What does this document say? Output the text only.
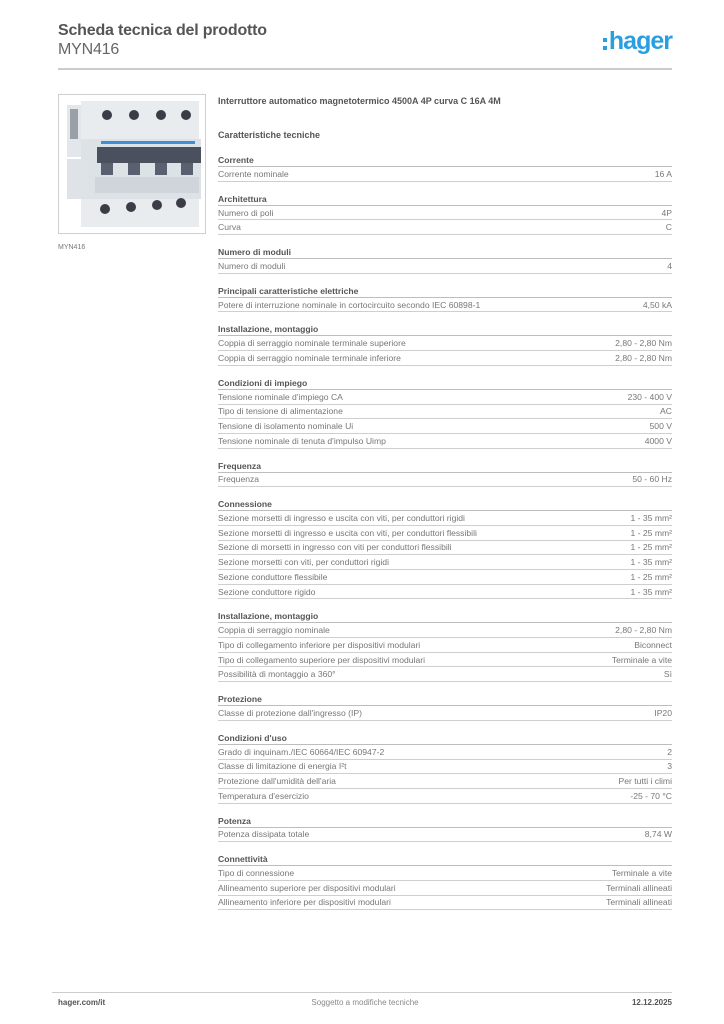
Scheda tecnica del prodotto
MYN416	hager
MYN416
Interruttore automatico magnetotermico 4500A 4P curva C 16A 4M
Caratteristiche tecniche
Corrente
Corrente nominale	16 A
Architettura
Numero di poli	4P
Curva	C
Numero di moduli
Numero di moduli	4
Principali caratteristiche elettriche
Potere di interruzione nominale in cortocircuito secondo IEC 60898-1	4,50 kA
Installazione, montaggio
Coppia di serraggio nominale terminale superiore	2,80 - 2,80 Nm
Coppia di serraggio nominale terminale inferiore	2,80 - 2,80 Nm
Condizioni di impiego
Tensione nominale d'impiego CA	230 - 400 V
Tipo di tensione di alimentazione	AC
Tensione di isolamento nominale Ui	500 V
Tensione nominale di tenuta d'impulso Uimp	4000 V
Frequenza
Frequenza	50 - 60 Hz
Connessione
Sezione morsetti di ingresso e uscita con viti, per conduttori rigidi	1 - 35 mm²
Sezione morsetti di ingresso e uscita con viti, per conduttori flessibili	1 - 25 mm²
Sezione di morsetti in ingresso con viti per conduttori flessibili	1 - 25 mm²
Sezione morsetti con viti, per conduttori rigidi	1 - 35 mm²
Sezione conduttore flessibile	1 - 25 mm²
Sezione conduttore rigido	1 - 35 mm²
Installazione, montaggio
Coppia di serraggio nominale	2,80 - 2,80 Nm
Tipo di collegamento inferiore per dispositivi modulari	Biconnect
Tipo di collegamento superiore per dispositivi modulari	Terminale a vite
Possibilità di montaggio a 360°	Sì
Protezione
Classe di protezione dall'ingresso (IP)	IP20
Condizioni d'uso
Grado di inquinam./IEC 60664/IEC 60947-2	2
Classe di limitazione di energia I²t	3
Protezione dall'umidità dell'aria	Per tutti i climi
Temperatura d'esercizio	-25 - 70 °C
Potenza
Potenza dissipata totale	8,74 W
Connettività
Tipo di connessione	Terminale a vite
Allineamento superiore per dispositivi modulari	Terminali allineati
Allineamento inferiore per dispositivi modulari	Terminali allineati
hager.com/it	Soggetto a modifiche tecniche	12.12.2025
